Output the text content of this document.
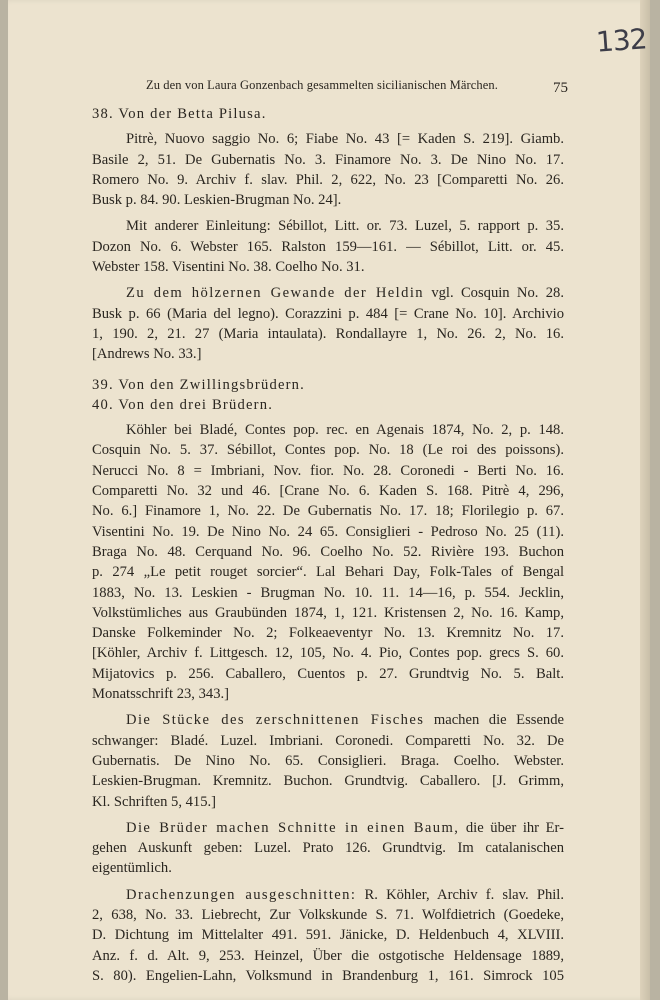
132
Zu den von Laura Gonzenbach gesammelten sicilianischen Märchen.	75

38. Von der Betta Pilusa.

Pitrè, Nuovo saggio No. 6; Fiabe No. 43 [= Kaden S. 219]. Giamb.
Basile 2, 51. De Gubernatis No. 3. Finamore No. 3. De Nino No. 17.
Romero No. 9. Archiv f. slav. Phil. 2, 622, No. 23 [Comparetti No. 26.
Busk p. 84. 90. Leskien-Brugman No. 24].

Mit anderer Einleitung: Sébillot, Litt. or. 73. Luzel, 5. rapport p. 35.
Dozon No. 6. Webster 165. Ralston 159—161. — Sébillot, Litt. or. 45.
Webster 158. Visentini No. 38. Coelho No. 31.

Zu dem hölzernen Gewande der Heldin vgl. Cosquin No. 28.
Busk p. 66 (Maria del legno). Corazzini p. 484 [= Crane No. 10]. Archivio
1, 190. 2, 21. 27 (Maria intaulata). Rondallayre 1, No. 26. 2, No. 16.
[Andrews No. 33.]

39. Von den Zwillingsbrüdern.

40. Von den drei Brüdern.

Köhler bei Bladé, Contes pop. rec. en Agenais 1874, No. 2, p. 148.
Cosquin No. 5. 37. Sébillot, Contes pop. No. 18 (Le roi des poissons).
Nerucci No. 8 = Imbriani, Nov. fior. No. 28. Coronedi - Berti No. 16.
Comparetti No. 32 und 46. [Crane No. 6. Kaden S. 168. Pitrè 4, 296,
No. 6.] Finamore 1, No. 22. De Gubernatis No. 17. 18; Florilegio p. 67.
Visentini No. 19. De Nino No. 24 65. Consiglieri - Pedroso No. 25 (11).
Braga No. 48. Cerquand No. 96. Coelho No. 52. Rivière 193. Buchon
p. 274 „Le petit rouget sorcier“. Lal Behari Day, Folk-Tales of Bengal
1883, No. 13. Leskien - Brugman No. 10. 11. 14—16, p. 554. Jecklin,
Volkstümliches aus Graubünden 1874, 1, 121. Kristensen 2, No. 16. Kamp,
Danske Folkeminder No. 2; Folkeaeventyr No. 13. Kremnitz No. 17.
[Köhler, Archiv f. Littgesch. 12, 105, No. 4. Pio, Contes pop. grecs S. 60.
Mijatovics p. 256. Caballero, Cuentos p. 27. Grundtvig No. 5. Balt.
Monatsschrift 23, 343.]

Die Stücke des zerschnittenen Fisches machen die Essende
schwanger: Bladé. Luzel. Imbriani. Coronedi. Comparetti No. 32. De
Gubernatis. De Nino No. 65. Consiglieri. Braga. Coelho. Webster.
Leskien-Brugman. Kremnitz. Buchon. Grundtvig. Caballero. [J. Grimm,
Kl. Schriften 5, 415.]

Die Brüder machen Schnitte in einen Baum, die über ihr Er-
gehen Auskunft geben: Luzel. Prato 126. Grundtvig. Im catalanischen
eigentümlich.

Drachenzungen ausgeschnitten: R. Köhler, Archiv f. slav. Phil.
2, 638, No. 33. Liebrecht, Zur Volkskunde S. 71. Wolfdietrich (Goedeke,
D. Dichtung im Mittelalter 491. 591. Jänicke, D. Heldenbuch 4, XLVIII.
Anz. f. d. Alt. 9, 253. Heinzel, Über die ostgotische Heldensage 1889,
S. 80). Engelien-Lahn, Volksmund in Brandenburg 1, 161. Simrock 105
